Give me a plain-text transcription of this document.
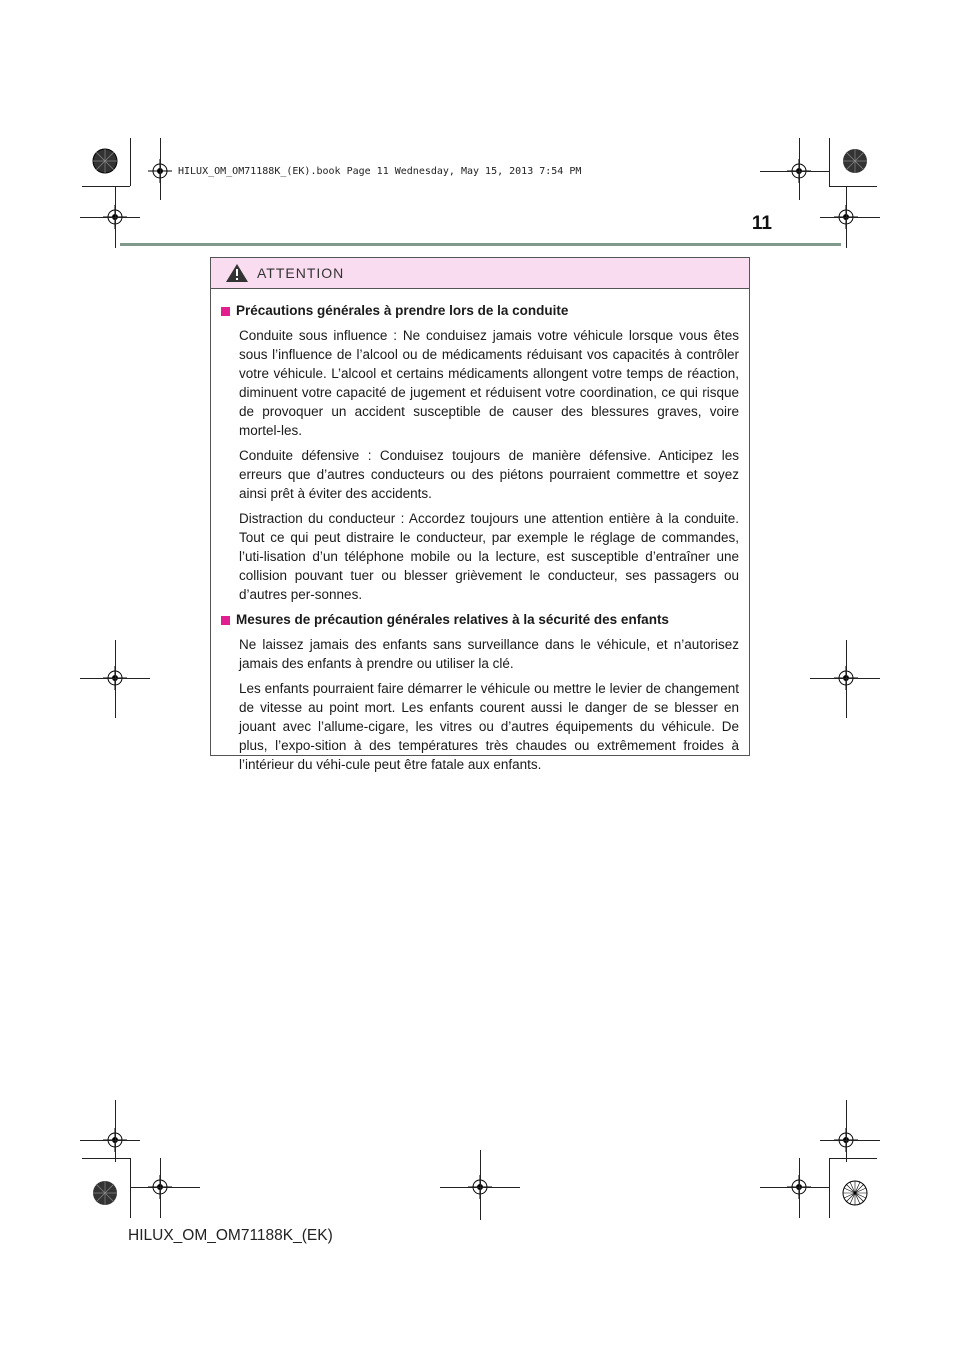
HILUX_OM_OM71188K_(EK).book Page 11 Wednesday, May 15, 2013 7:54 PM
11
ATTENTION
Précautions générales à prendre lors de la conduite

Conduite sous influence : Ne conduisez jamais votre véhicule lorsque vous êtes sous l’influence de l’alcool ou de médicaments réduisant vos capacités à contrôler votre véhicule. L’alcool et certains médicaments allongent votre temps de réaction, diminuent votre capacité de jugement et réduisent votre coordination, ce qui risque de provoquer un accident susceptible de causer des blessures graves, voire mortel-les.

Conduite défensive : Conduisez toujours de manière défensive. Anticipez les erreurs que d’autres conducteurs ou des piétons pourraient commettre et soyez ainsi prêt à éviter des accidents.

Distraction du conducteur : Accordez toujours une attention entière à la conduite. Tout ce qui peut distraire le conducteur, par exemple le réglage de commandes, l’uti-lisation d’un téléphone mobile ou la lecture, est susceptible d’entraîner une collision pouvant tuer ou blesser grièvement le conducteur, ses passagers ou d’autres per-sonnes.

Mesures de précaution générales relatives à la sécurité des enfants

Ne laissez jamais des enfants sans surveillance dans le véhicule, et n’autorisez jamais des enfants à prendre ou utiliser la clé.

Les enfants pourraient faire démarrer le véhicule ou mettre le levier de changement de vitesse au point mort. Les enfants courent aussi le danger de se blesser en jouant avec l’allume-cigare, les vitres ou d’autres équipements du véhicule. De plus, l’expo-sition à des températures très chaudes ou extrêmement froides à l’intérieur du véhi-cule peut être fatale aux enfants.

HILUX_OM_OM71188K_(EK)
